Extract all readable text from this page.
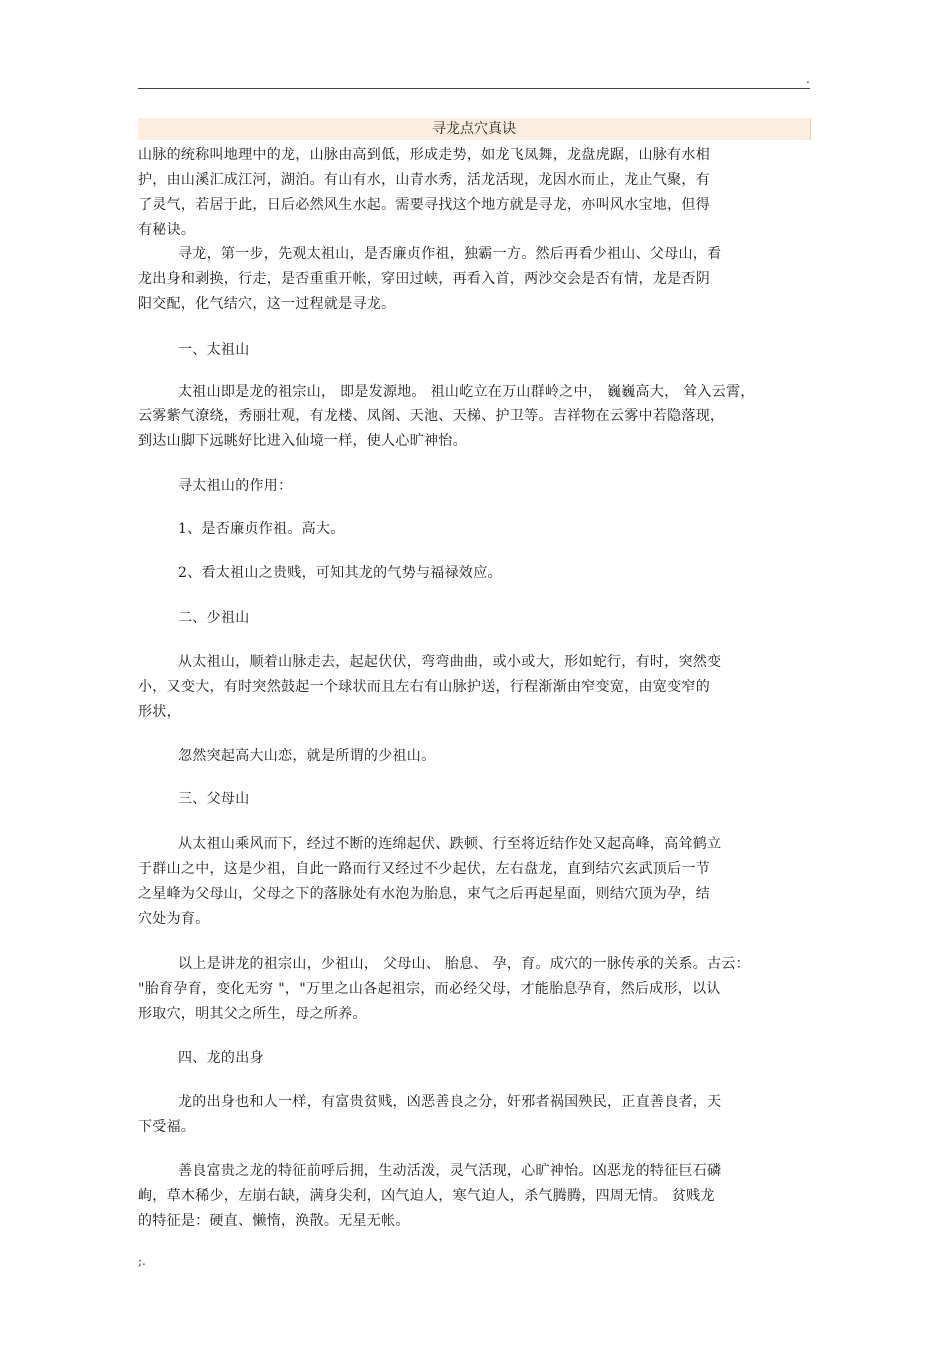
.
寻龙点穴真诀
山脉的统称叫地理中的龙，山脉由高到低，形成走势，如龙飞凤舞，龙盘虎踞，山脉有水相
护，由山溪汇成江河，湖泊。有山有水，山青水秀，活龙活现，龙因水而止，龙止气聚，有
了灵气，若居于此，日后必然风生水起。需要寻找这个地方就是寻龙，亦叫风水宝地，但得
有秘诀。
寻龙，第一步，先观太祖山，是否廉贞作祖，独霸一方。然后再看少祖山、父母山，看
龙出身和剥换，行走，是否重重开帐，穿田过峡，再看入首，两沙交会是否有情，龙是否阴
阳交配，化气结穴，这一过程就是寻龙。
一、太祖山
太祖山即是龙的祖宗山， 即是发源地。 祖山屹立在万山群岭之中， 巍巍高大， 耸入云霄，
云雾紫气潦绕，秀丽壮观，有龙楼、凤阁、天池、天梯、护卫等。吉祥物在云雾中若隐落现，
到达山脚下远眺好比进入仙境一样，使人心旷神怡。
寻太祖山的作用：
1、是否廉贞作祖。高大。
2、看太祖山之贵贱，可知其龙的气势与福禄效应。
二、少祖山
从太祖山，顺着山脉走去，起起伏伏，弯弯曲曲，或小或大，形如蛇行，有时，突然变
小，又变大，有时突然鼓起一个球状而且左右有山脉护送，行程渐渐由窄变宽，由宽变窄的
形状，
忽然突起高大山恋，就是所谓的少祖山。
三、父母山
从太祖山乘风而下，经过不断的连绵起伏、跌顿、行至将近结作处又起高峰，高耸鹤立
于群山之中，这是少祖，自此一路而行又经过不少起伏，左右盘龙，直到结穴玄武顶后一节
之星峰为父母山，父母之下的落脉处有水泡为胎息，束气之后再起星面，则结穴顶为孕，结
穴处为育。
以上是讲龙的祖宗山，少祖山， 父母山、 胎息、 孕，育。成穴的一脉传承的关系。古云：
"胎育孕育，变化无穷 "，"万里之山各起祖宗，而必经父母，才能胎息孕育，然后成形，以认
形取穴，明其父之所生，母之所养。
四、龙的出身
龙的出身也和人一样，有富贵贫贱，凶恶善良之分，奸邪者祸国殃民，正直善良者，天
下受福。
善良富贵之龙的特征前呼后拥，生动活泼，灵气活现，心旷神怡。凶恶龙的特征巨石磷
峋，草木稀少，左崩右缺，满身尖利，凶气迫人，寒气迫人，杀气腾腾，四周无情。 贫贱龙
的特征是：硬直、懒惰，涣散。无星无帐。
;.
